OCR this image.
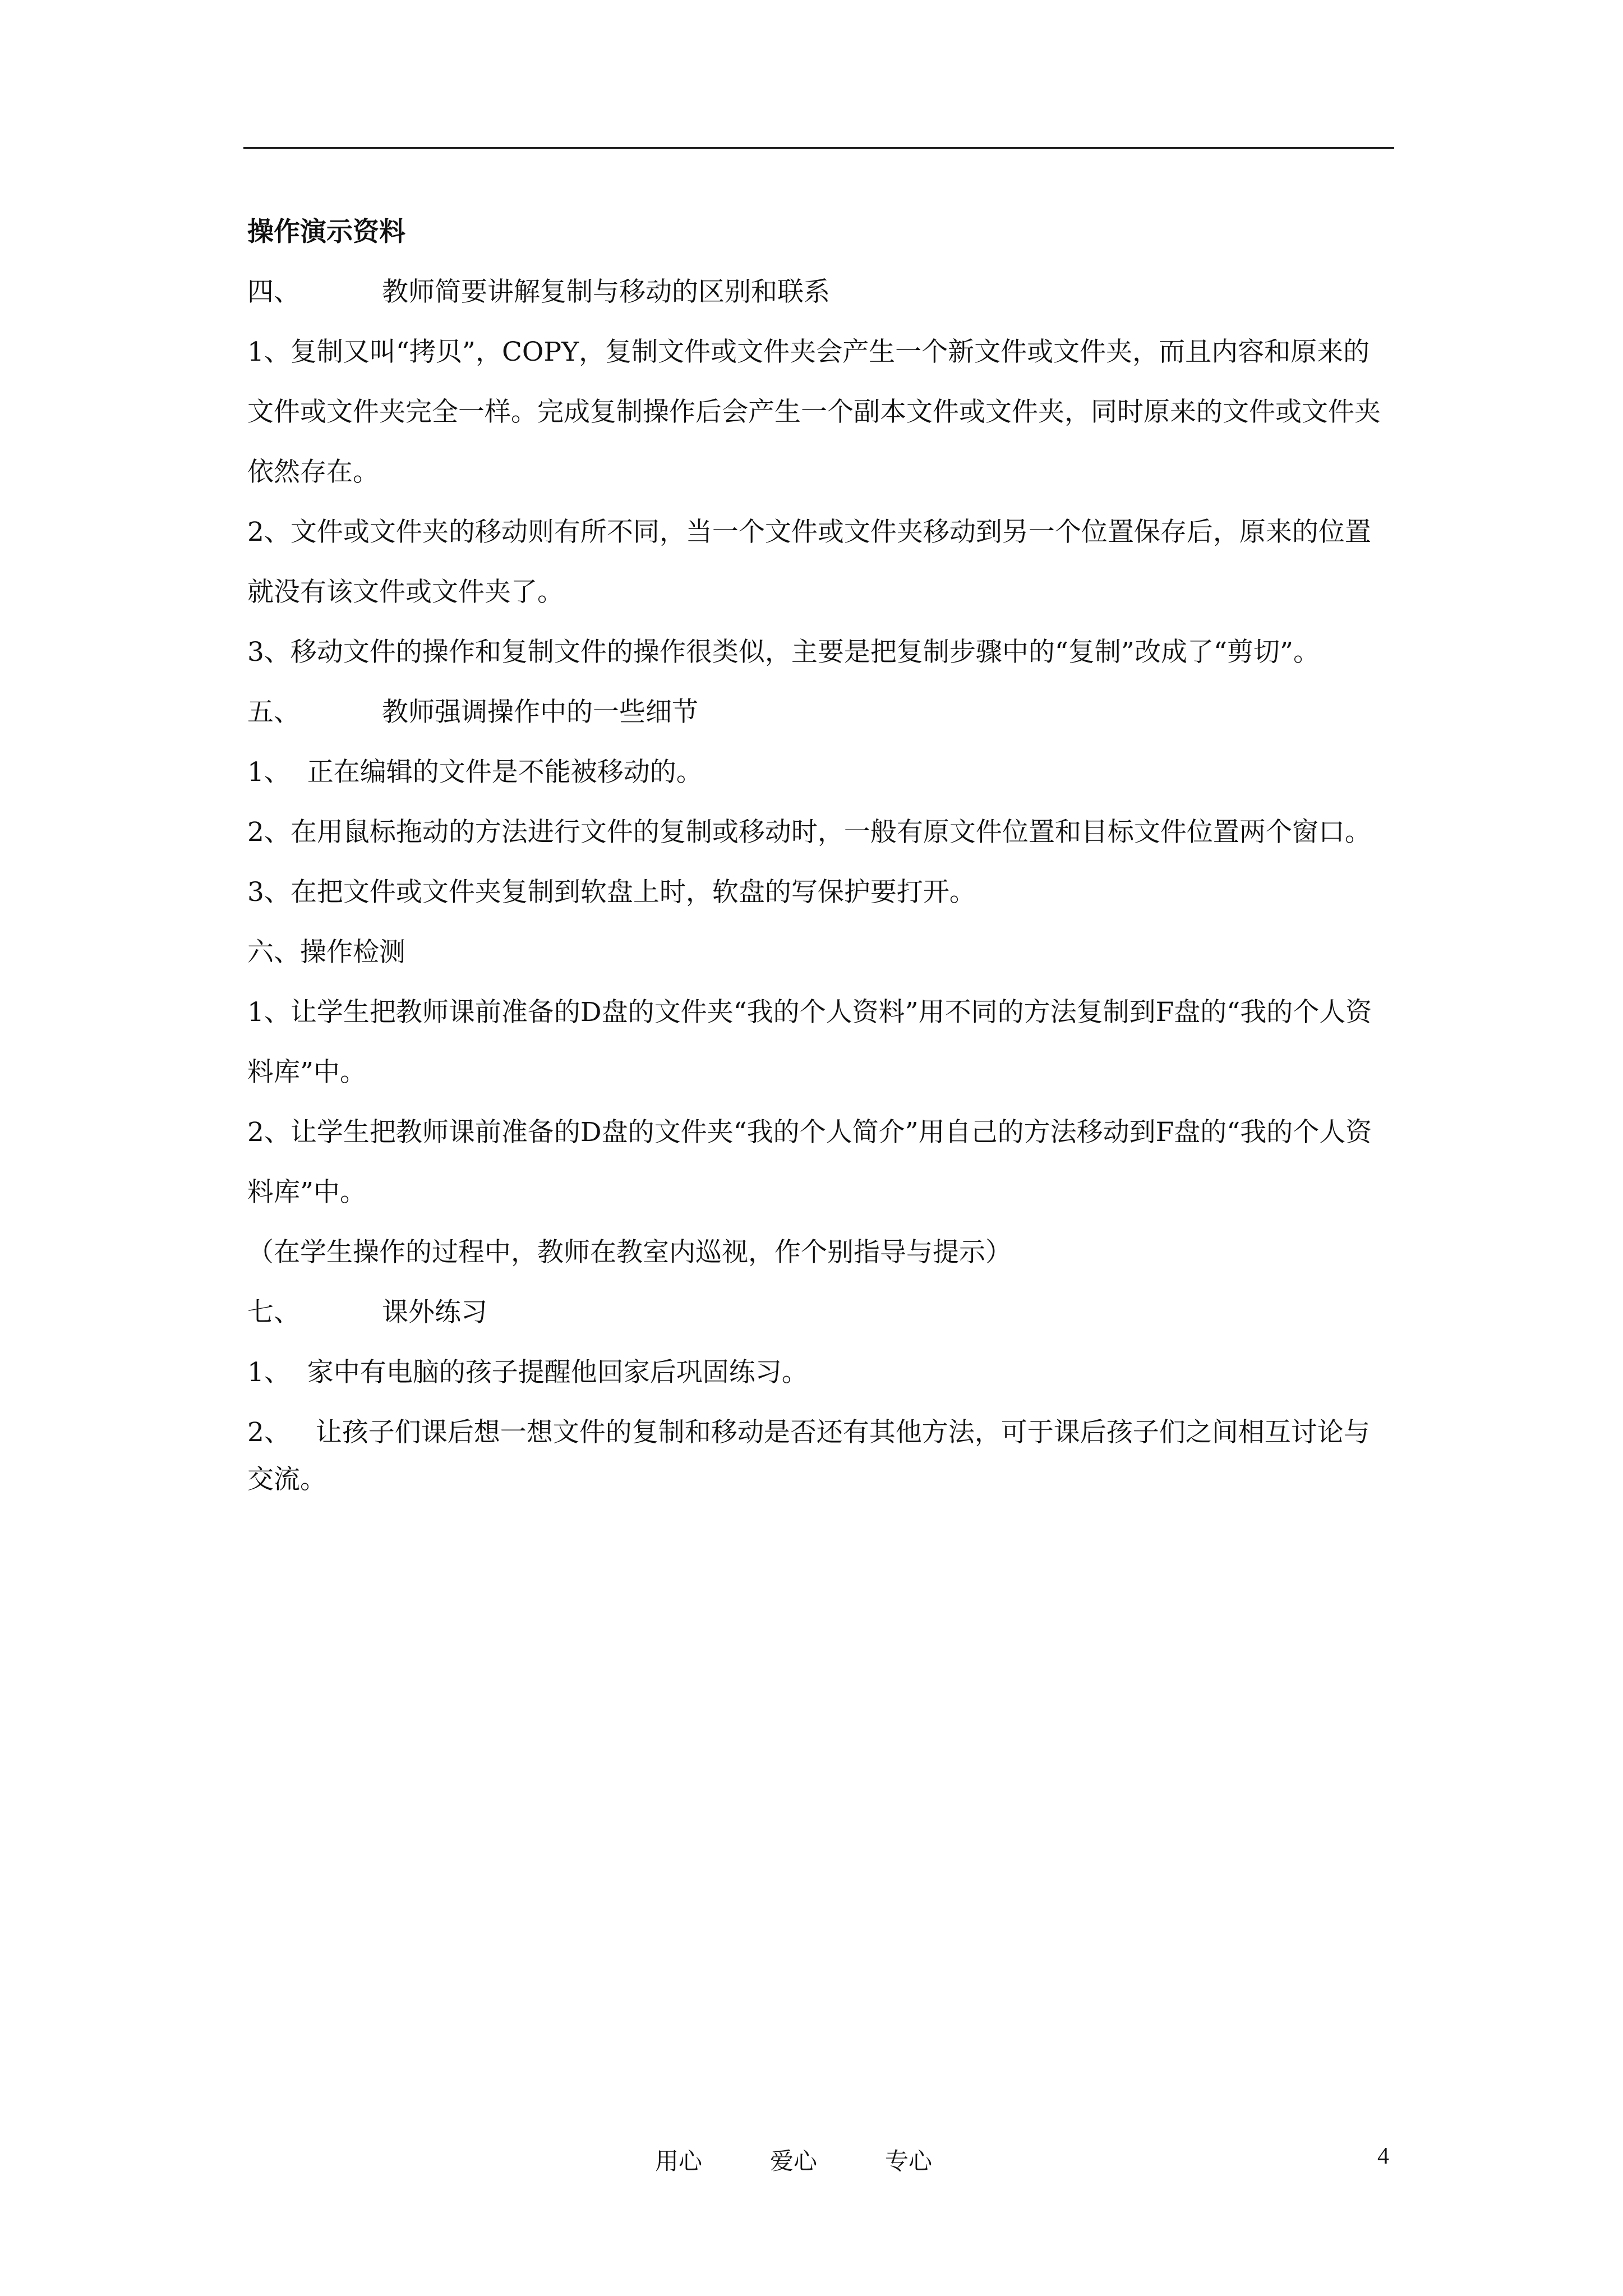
操作演示资料

四、	教师简要讲解复制与移动的区别和联系

1、复制又叫“拷贝”，COPY，复制文件或文件夹会产生一个新文件或文件夹，而且内容和原来的文件或文件夹完全一样。完成复制操作后会产生一个副本文件或文件夹，同时原来的文件或文件夹依然存在。

2、文件或文件夹的移动则有所不同，当一个文件或文件夹移动到另一个位置保存后，原来的位置就没有该文件或文件夹了。

3、移动文件的操作和复制文件的操作很类似，主要是把复制步骤中的“复制”改成了“剪切”。

五、	教师强调操作中的一些细节

1、  正在编辑的文件是不能被移动的。

2、在用鼠标拖动的方法进行文件的复制或移动时，一般有原文件位置和目标文件位置两个窗口。

3、在把文件或文件夹复制到软盘上时，软盘的写保护要打开。

六、操作检测

1、让学生把教师课前准备的D盘的文件夹“我的个人资料”用不同的方法复制到F盘的“我的个人资料库”中。

2、让学生把教师课前准备的D盘的文件夹“我的个人简介”用自己的方法移动到F盘的“我的个人资料库”中。

（在学生操作的过程中，教师在教室内巡视，作个别指导与提示）

七、	课外练习

1、  家中有电脑的孩子提醒他回家后巩固练习。

2、   让孩子们课后想一想文件的复制和移动是否还有其他方法，可于课后孩子们之间相互讨论与交流。

用心	爱心	专心	4
